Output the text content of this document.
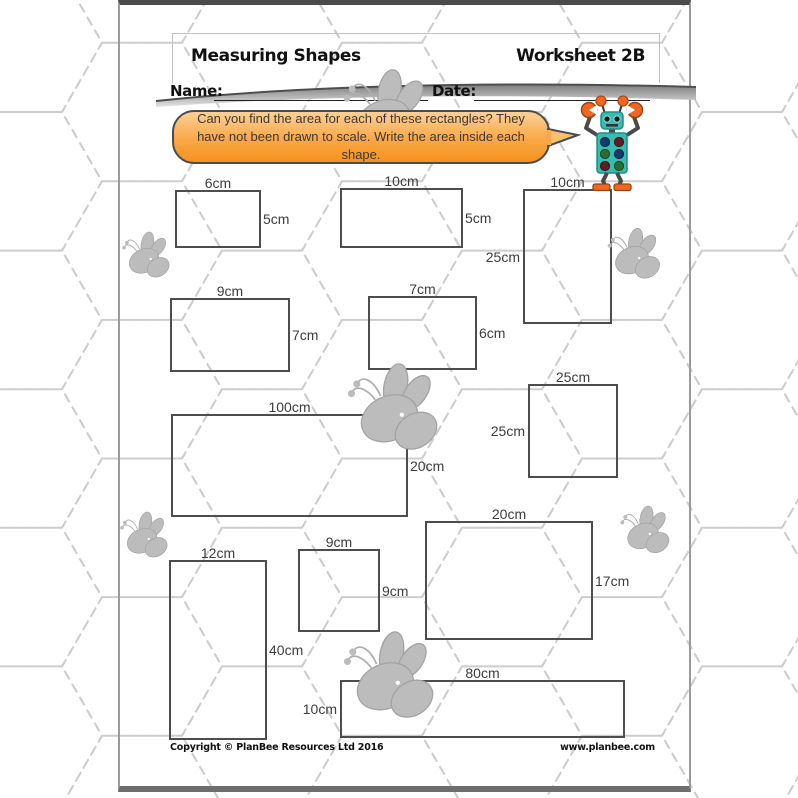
Measuring Shapes	Worksheet 2B
Name:	Date:
Can you find the area for each of these rectangles? They have not been drawn to scale. Write the area inside each shape.
6cm
5cm
10cm
5cm
10cm
25cm
9cm
7cm
7cm
6cm
25cm
25cm
100cm
20cm
9cm
9cm
20cm
17cm
12cm
40cm
80cm
10cm
Copyright © PlanBee Resources Ltd 2016	www.planbee.com
